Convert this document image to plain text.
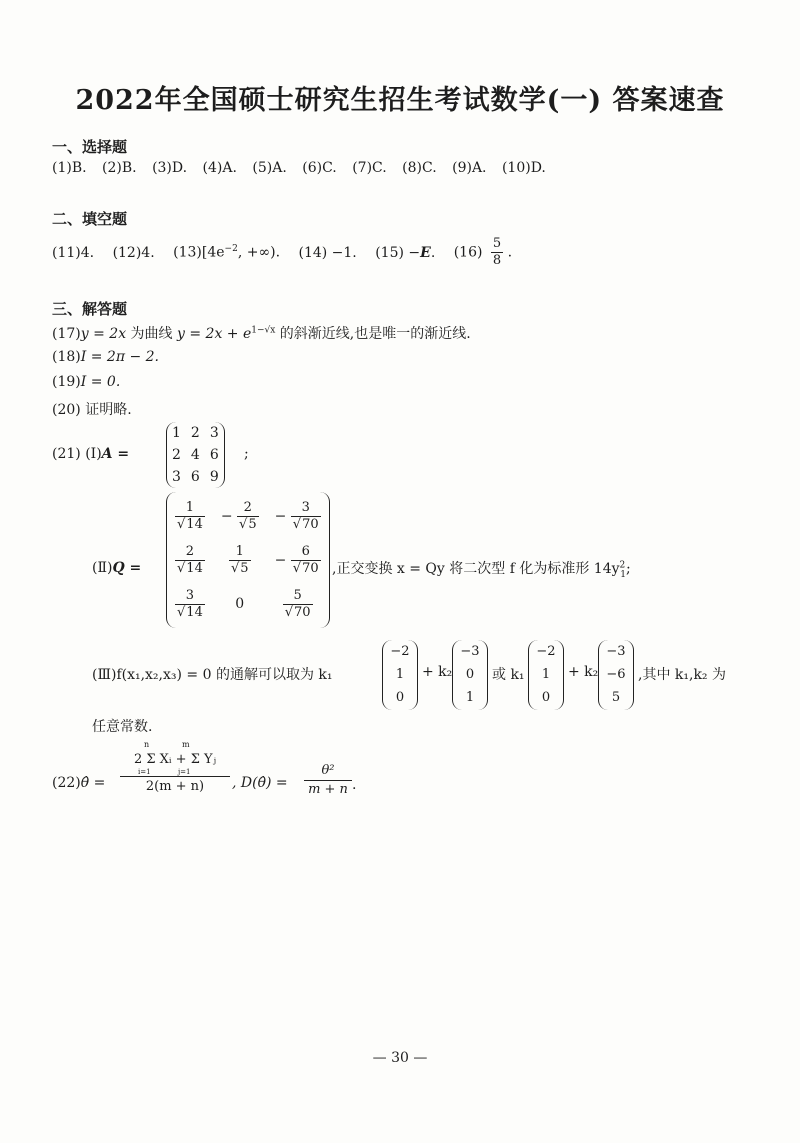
2022年全国硕士研究生招生考试数学(一) 答案速查
一、选择题
(1)B. (2)B. (3)D. (4)A. (5)A. (6)C. (7)C. (8)C. (9)A. (10)D.
二、填空题
(11)4. (12)4. $(13)[4e^{-2}$, +∞). (14) −1. (15) −E. $(16) \frac{5}{8}$ .
三、解答题
(17)y = 2x 为曲线 $y = 2x + e^{1-√x}$ 的斜渐近线,也是唯一的渐近线.
(18)I = 2π − 2.
(19)I = 0.
(20) 证明略.
(21) (Ⅰ)A =
1	2	3
2	4	6
3	6	9
;
(Ⅱ)Q =
$\frac{1}{√14}$	− $\frac{2}{√5}$	− $\frac{3}{√70}$

$\frac{2}{√14}$	$\frac{1}{√5}$	− $\frac{6}{√70}$

$\frac{3}{√14}$	0	$\frac{5}{√70}$
,正交变换 x = Qy 将二次型 f 化为标准形 $14y^2_1$;
(Ⅲ)f(x₁,x₂,x₃) = 0 的通解可以取为 k₁
−2
1
0
+ k₂
−3
0
1
或 k₁
−2
1
0
+ k₂
−3
−6
5
,其中 k₁,k₂ 为
任意常数.
(22)θ̂ =
n	m
2 Σ Xᵢ + Σ Yⱼ
i=1	j=1
2(m + n)	, D(θ̂) =
θ²
m + n .
— 30 —
